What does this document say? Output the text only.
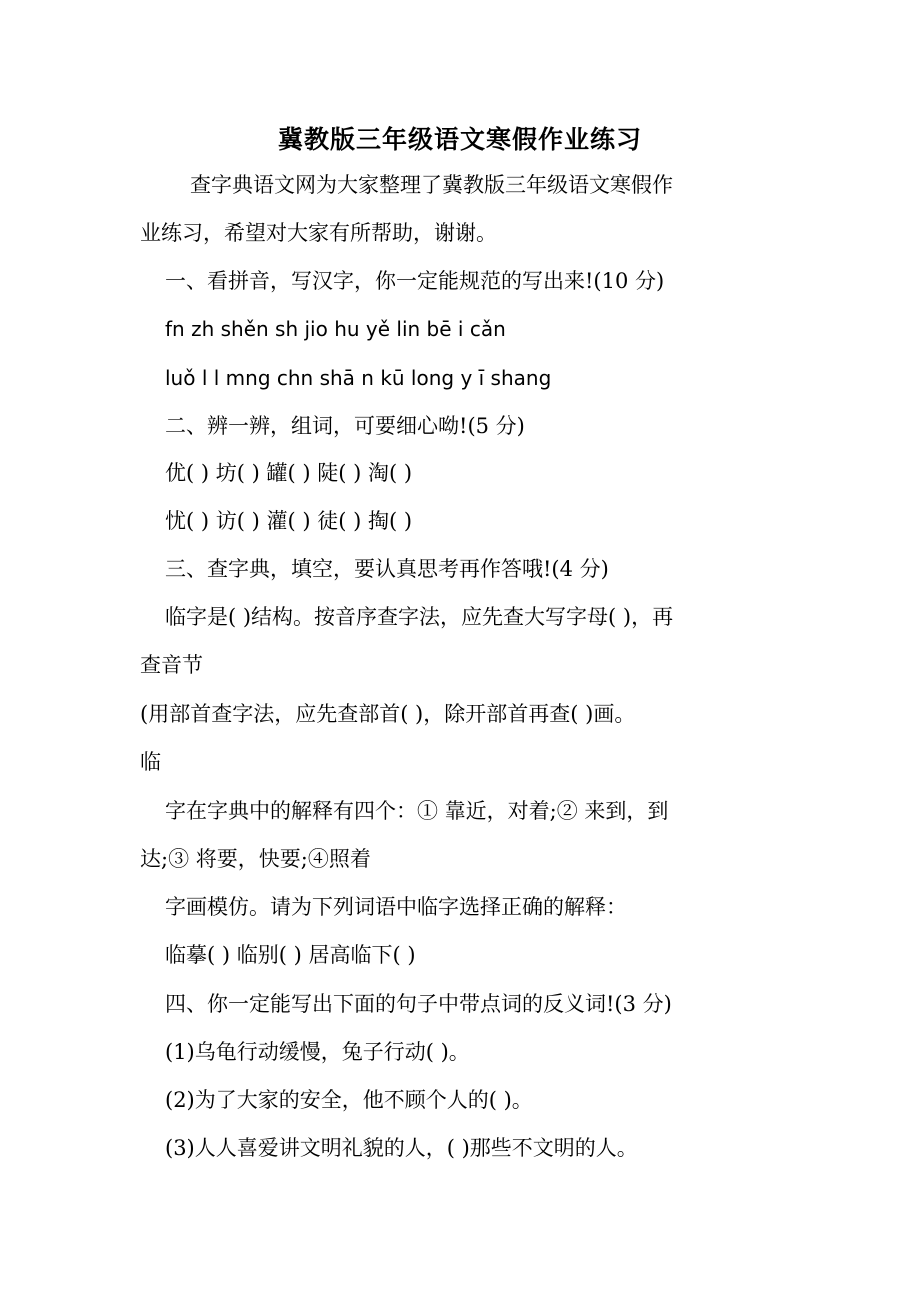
冀教版三年级语文寒假作业练习
查字典语文网为大家整理了冀教版三年级语文寒假作
业练习，希望对大家有所帮助，谢谢。
一、看拼音，写汉字，你一定能规范的写出来!(10 分)
fn zh shěn sh jio hu yě lin bē i cǎn
luǒ l l mng chn shā n kū long y ī shang
二、辨一辨，组词，可要细心呦!(5 分)
优( ) 坊( ) 罐( ) 陡( ) 淘( )
忧( ) 访( ) 灌( ) 徒( ) 掏( )
三、查字典，填空，要认真思考再作答哦!(4 分)
临字是( )结构。按音序查字法，应先查大写字母( )，再
查音节
(用部首查字法，应先查部首( )，除开部首再查( )画。
临
字在字典中的解释有四个：① 靠近，对着;② 来到，到
达;③ 将要，快要;④照着
字画模仿。请为下列词语中临字选择正确的解释：
临摹( ) 临别( ) 居高临下( )
四、你一定能写出下面的句子中带点词的反义词!(3 分)
(1)乌龟行动缓慢，兔子行动( )。
(2)为了大家的安全，他不顾个人的( )。
(3)人人喜爱讲文明礼貌的人，( )那些不文明的人。
